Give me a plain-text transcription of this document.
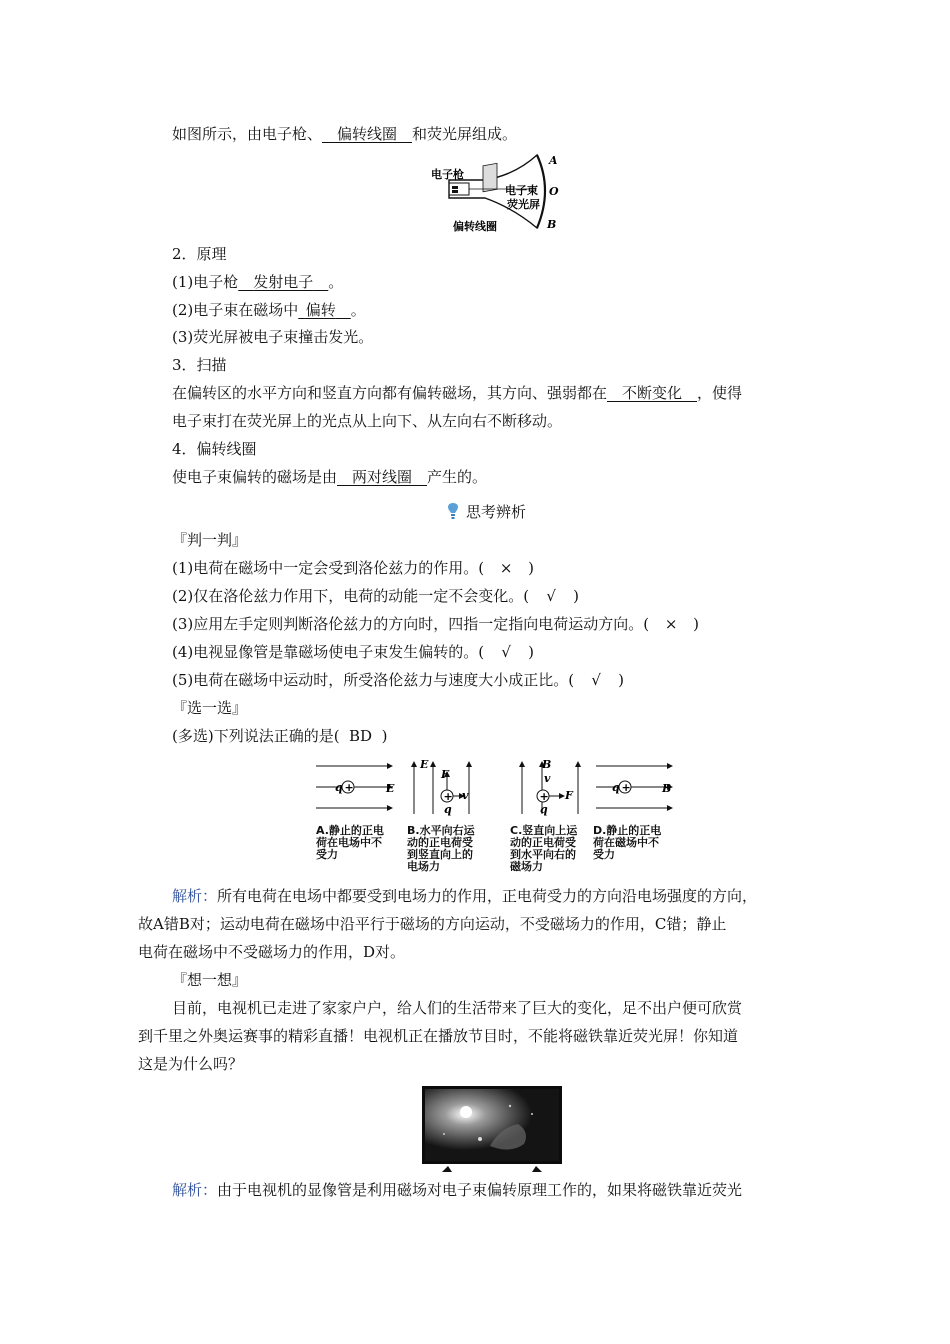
如图所示，由电子枪、  偏转线圈  和荧光屏组成。
电子枪
电子束
荧光屏
偏转线圈
A
O
B
2．原理
(1)电子枪  发射电子  。
(2)电子束在磁场中  偏转  。
(3)荧光屏被电子束撞击发光。
3．扫描
在偏转区的水平方向和竖直方向都有偏转磁场，其方向、强弱都在  不断变化  ，使得
电子束打在荧光屏上的光点从上向下、从左向右不断移动。
4．偏转线圈
使电子束偏转的磁场是由  两对线圈  产生的。
思考辨析
『判一判』
(1)电荷在磁场中一定会受到洛伦兹力的作用。( × )
(2)仅在洛伦兹力作用下，电荷的动能一定不会变化。( √ )
(3)应用左手定则判断洛伦兹力的方向时，四指一定指向电荷运动方向。( × )
(4)电视显像管是靠磁场使电子束发生偏转的。( √ )
(5)电荷在磁场中运动时，所受洛伦兹力与速度大小成正比。( √ )
『选一选』
(多选)下列说法正确的是( BD )
+	E
q
A.静止的正电
荷在电场中不
受力
+
E
F
v
q
B.水平向右运
动的正电荷受
到竖直向上的
电场力
+
B
v
F
q
C.竖直向上运
动的正电荷受
到水平向右的
磁场力
+	B
q
D.静止的正电
荷在磁场中不
受力
解析：所有电荷在电场中都要受到电场力的作用，正电荷受力的方向沿电场强度的方向，
故A错B对；运动电荷在磁场中沿平行于磁场的方向运动，不受磁场力的作用，C错；静止
电荷在磁场中不受磁场力的作用，D对。
『想一想』
目前，电视机已走进了家家户户，给人们的生活带来了巨大的变化，足不出户便可欣赏
到千里之外奥运赛事的精彩直播！电视机正在播放节目时，不能将磁铁靠近荧光屏！你知道
这是为什么吗？
解析：由于电视机的显像管是利用磁场对电子束偏转原理工作的，如果将磁铁靠近荧光
